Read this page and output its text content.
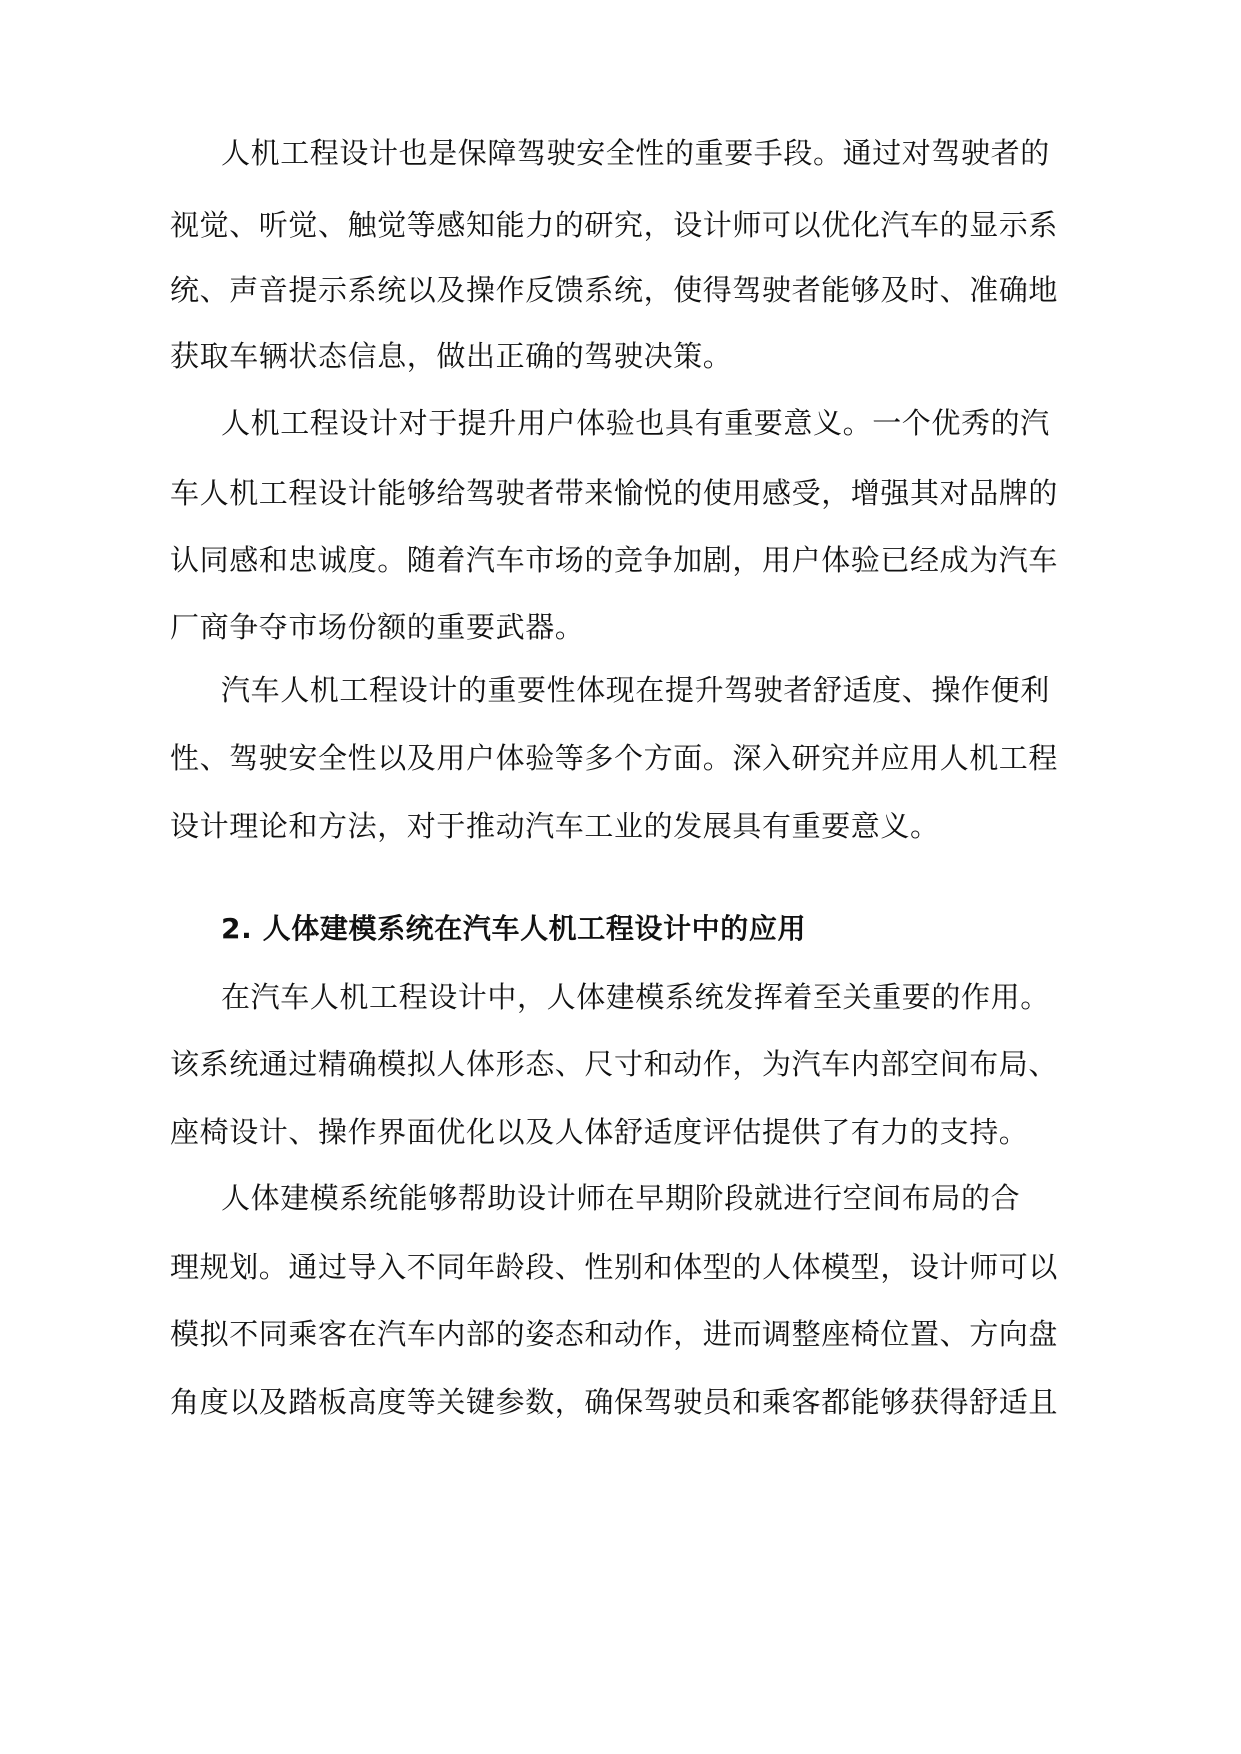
人机工程设计也是保障驾驶安全性的重要手段。通过对驾驶者的
视觉、听觉、触觉等感知能力的研究，设计师可以优化汽车的显示系
统、声音提示系统以及操作反馈系统，使得驾驶者能够及时、准确地
获取车辆状态信息，做出正确的驾驶决策。
人机工程设计对于提升用户体验也具有重要意义。一个优秀的汽
车人机工程设计能够给驾驶者带来愉悦的使用感受，增强其对品牌的
认同感和忠诚度。随着汽车市场的竞争加剧，用户体验已经成为汽车
厂商争夺市场份额的重要武器。
汽车人机工程设计的重要性体现在提升驾驶者舒适度、操作便利
性、驾驶安全性以及用户体验等多个方面。深入研究并应用人机工程
设计理论和方法，对于推动汽车工业的发展具有重要意义。
2. 人体建模系统在汽车人机工程设计中的应用
在汽车人机工程设计中，人体建模系统发挥着至关重要的作用。
该系统通过精确模拟人体形态、尺寸和动作，为汽车内部空间布局、
座椅设计、操作界面优化以及人体舒适度评估提供了有力的支持。
人体建模系统能够帮助设计师在早期阶段就进行空间布局的合
理规划。通过导入不同年龄段、性别和体型的人体模型，设计师可以
模拟不同乘客在汽车内部的姿态和动作，进而调整座椅位置、方向盘
角度以及踏板高度等关键参数，确保驾驶员和乘客都能够获得舒适且
